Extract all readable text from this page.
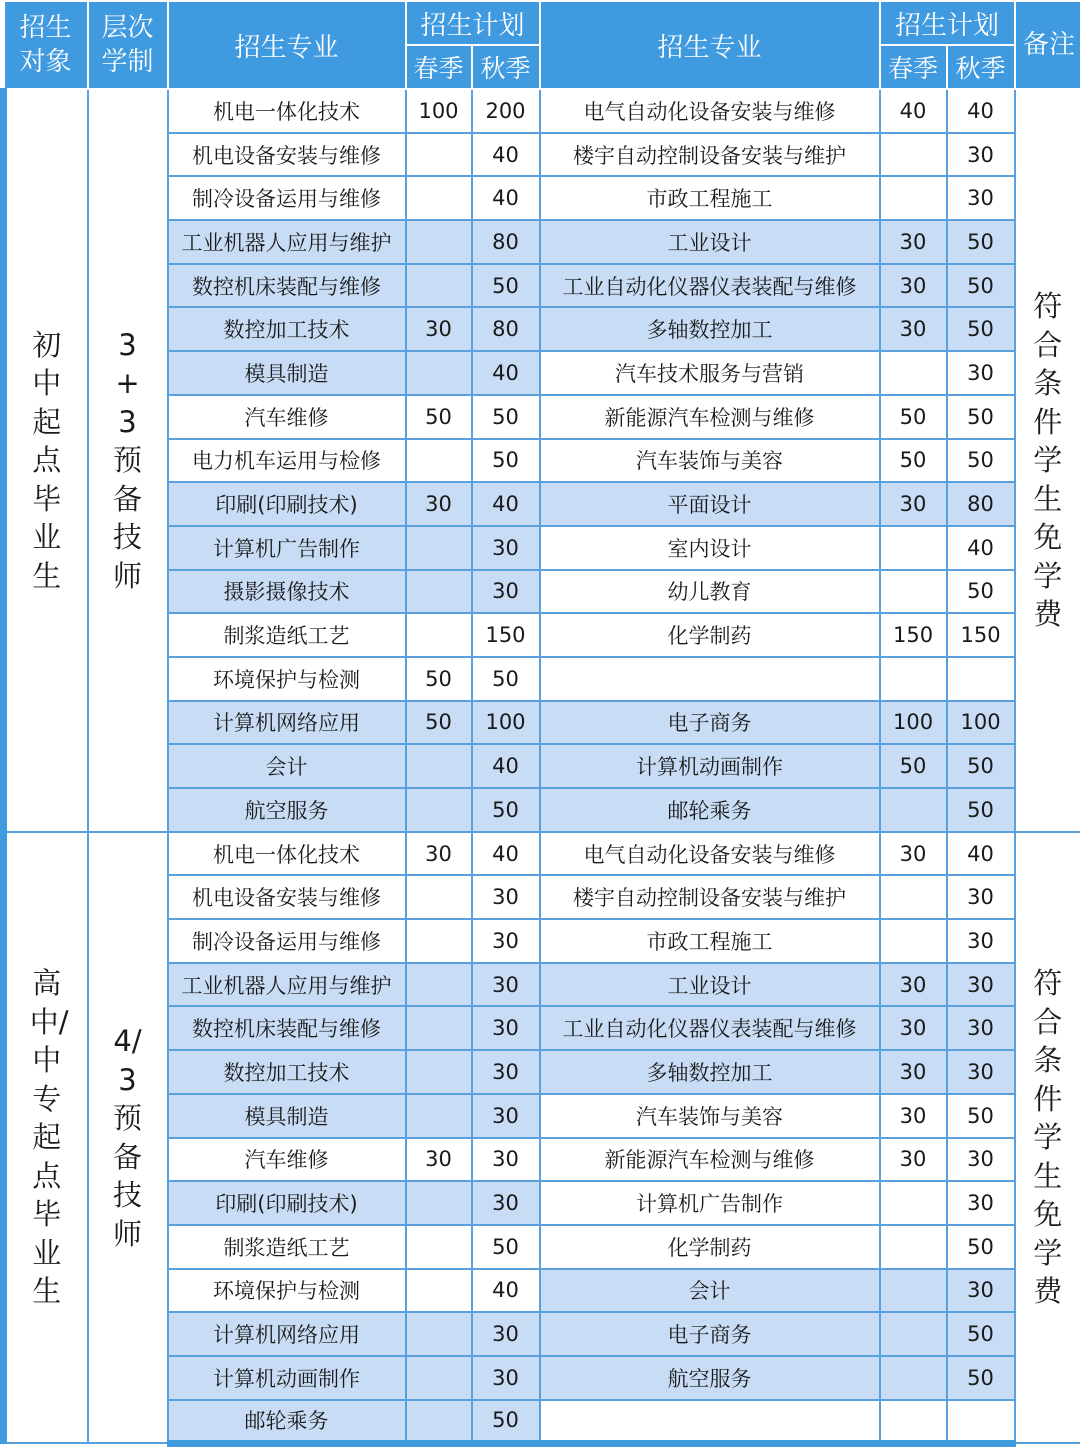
招生对象	层次学制	招生专业	招生计划		招生专业	招生计划		备注

			春季	秋季		春季	秋季	
初中起点毕业生	3+3预备技师	机电一体化技术	100	200	电气自动化设备安装与维修	40	40	符合条件学生免学费
		机电设备安装与维修		40	楼宇自动控制设备安装与维护		30	
		制冷设备运用与维修		40	市政工程施工		30	
		工业机器人应用与维护		80	工业设计	30	50	
		数控机床装配与维修		50	工业自动化仪器仪表装配与维修	30	50	
		数控加工技术	30	80	多轴数控加工	30	50	
		模具制造		40	汽车技术服务与营销		30	
		汽车维修	50	50	新能源汽车检测与维修	50	50	
		电力机车运用与检修		50	汽车装饰与美容	50	50	
		印刷(印刷技术)	30	40	平面设计	30	80	
		计算机广告制作		30	室内设计		40	
		摄影摄像技术		30	幼儿教育		50	
		制浆造纸工艺		150	化学制药	150	150	
		环境保护与检测	50	50				
		计算机网络应用	50	100	电子商务	100	100	
		会计		40	计算机动画制作	50	50	
		航空服务		50	邮轮乘务		50	
高中/中专起点毕业生	4/3预备技师	机电一体化技术	30	40	电气自动化设备安装与维修	30	40	符合条件学生免学费
		机电设备安装与维修		30	楼宇自动控制设备安装与维护		30	
		制冷设备运用与维修		30	市政工程施工		30	
		工业机器人应用与维护		30	工业设计	30	30	
		数控机床装配与维修		30	工业自动化仪器仪表装配与维修	30	30	
		数控加工技术		30	多轴数控加工	30	30	
		模具制造		30	汽车装饰与美容	30	50	
		汽车维修	30	30	新能源汽车检测与维修	30	30	
		印刷(印刷技术)		30	计算机广告制作		30	
		制浆造纸工艺		50	化学制药		50	
		环境保护与检测		40	会计		30	
		计算机网络应用		30	电子商务		50	
		计算机动画制作		30	航空服务		50	
		邮轮乘务		50				
